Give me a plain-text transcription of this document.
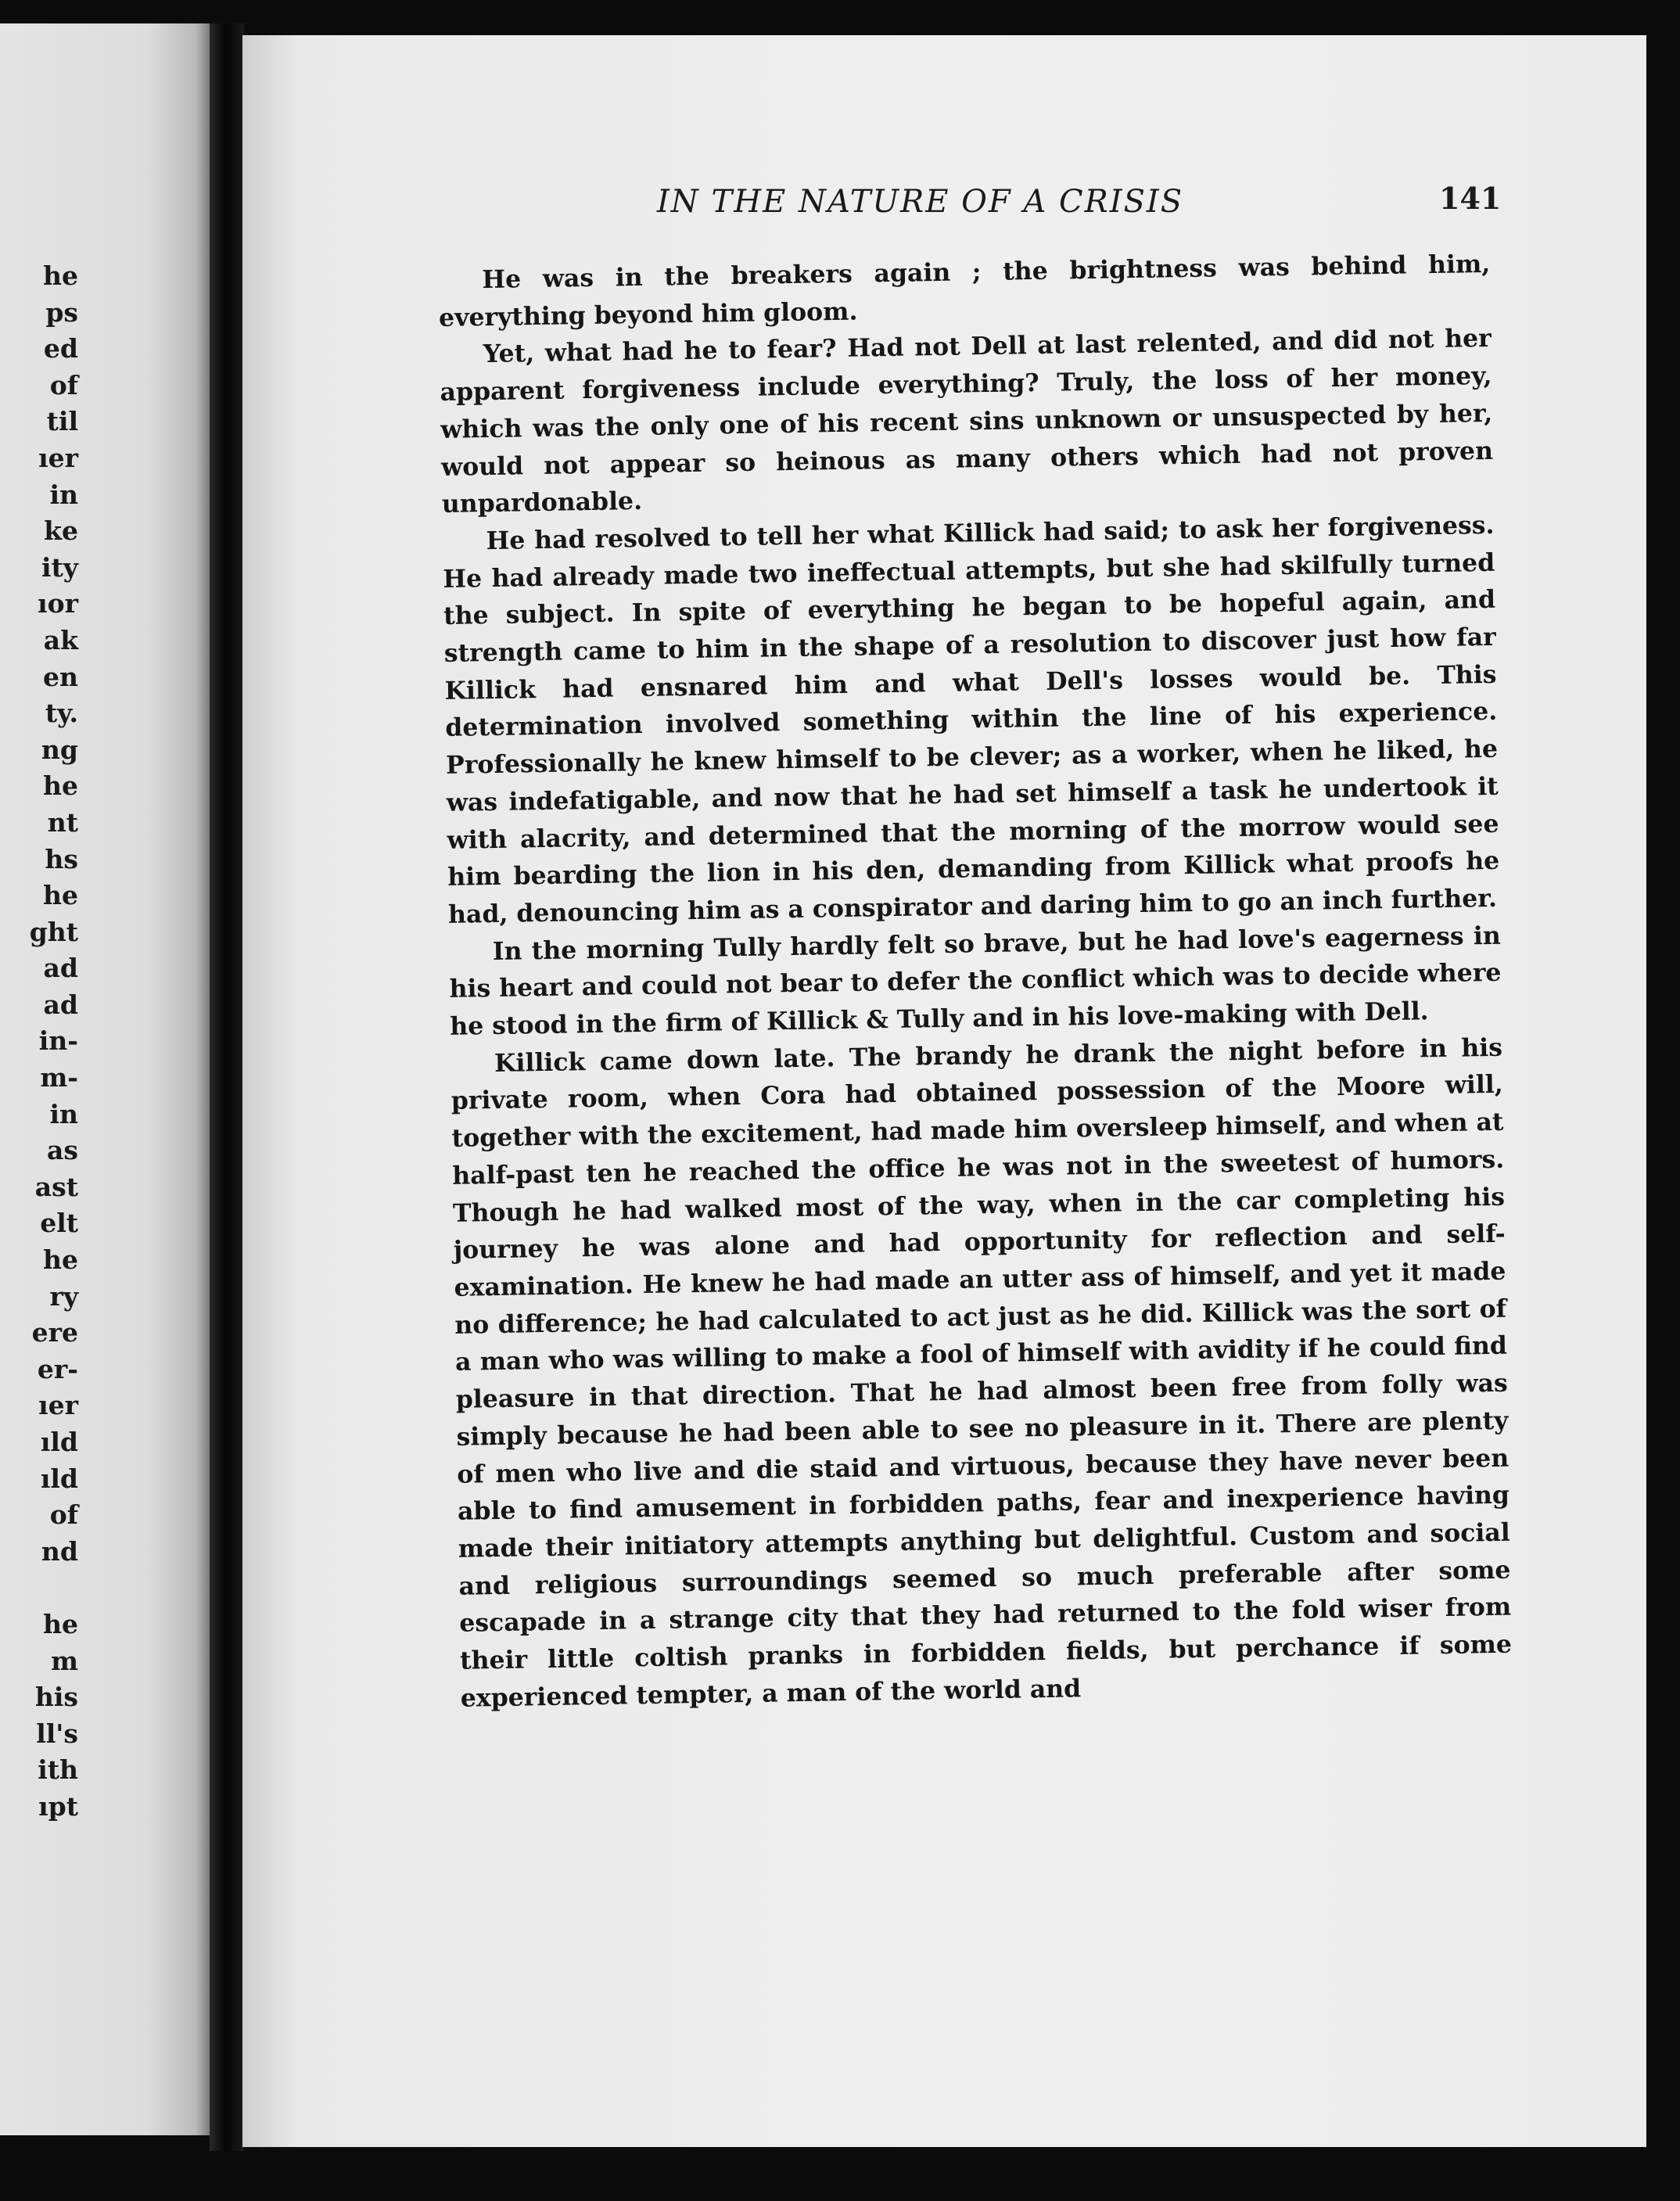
he
ps
ed
of
til
ıer
in
ke
ity
ıor
ak
en
ty.
ng
he
nt
hs
he
ght
ad
ad
in-
m-
in
as
ast
elt
he
ry
ere
er-
ıer
ıld
ıld
of
nd
he
m
his
ll's
ith
ıpt
IN THE NATURE OF A CRISIS	141

He was in the breakers again ; the brightness was behind him, everything beyond him gloom.

Yet, what had he to fear? Had not Dell at last relented, and did not her apparent forgiveness include everything? Truly, the loss of her money, which was the only one of his recent sins unknown or unsuspected by her, would not appear so heinous as many others which had not proven unpardonable.

He had resolved to tell her what Killick had said; to ask her forgiveness. He had already made two ineffectual attempts, but she had skilfully turned the subject. In spite of everything he began to be hopeful again, and strength came to him in the shape of a resolution to discover just how far Killick had ensnared him and what Dell's losses would be. This determination involved something within the line of his experience. Professionally he knew himself to be clever; as a worker, when he liked, he was indefatigable, and now that he had set himself a task he undertook it with alacrity, and determined that the morning of the morrow would see him bearding the lion in his den, demanding from Killick what proofs he had, denouncing him as a conspirator and daring him to go an inch further.

In the morning Tully hardly felt so brave, but he had love's eagerness in his heart and could not bear to defer the conflict which was to decide where he stood in the firm of Killick & Tully and in his love-making with Dell.

Killick came down late. The brandy he drank the night before in his private room, when Cora had obtained possession of the Moore will, together with the excitement, had made him oversleep himself, and when at half-past ten he reached the office he was not in the sweetest of humors. Though he had walked most of the way, when in the car completing his journey he was alone and had opportunity for reflection and self-examination. He knew he had made an utter ass of himself, and yet it made no difference; he had calculated to act just as he did. Killick was the sort of a man who was willing to make a fool of himself with avidity if he could find pleasure in that direction. That he had almost been free from folly was simply because he had been able to see no pleasure in it. There are plenty of men who live and die staid and virtuous, because they have never been able to find amusement in forbidden paths, fear and inexperience having made their initiatory attempts anything but delightful. Custom and social and religious surroundings seemed so much preferable after some escapade in a strange city that they had returned to the fold wiser from their little coltish pranks in forbidden fields, but perchance if some experienced tempter, a man of the world and
